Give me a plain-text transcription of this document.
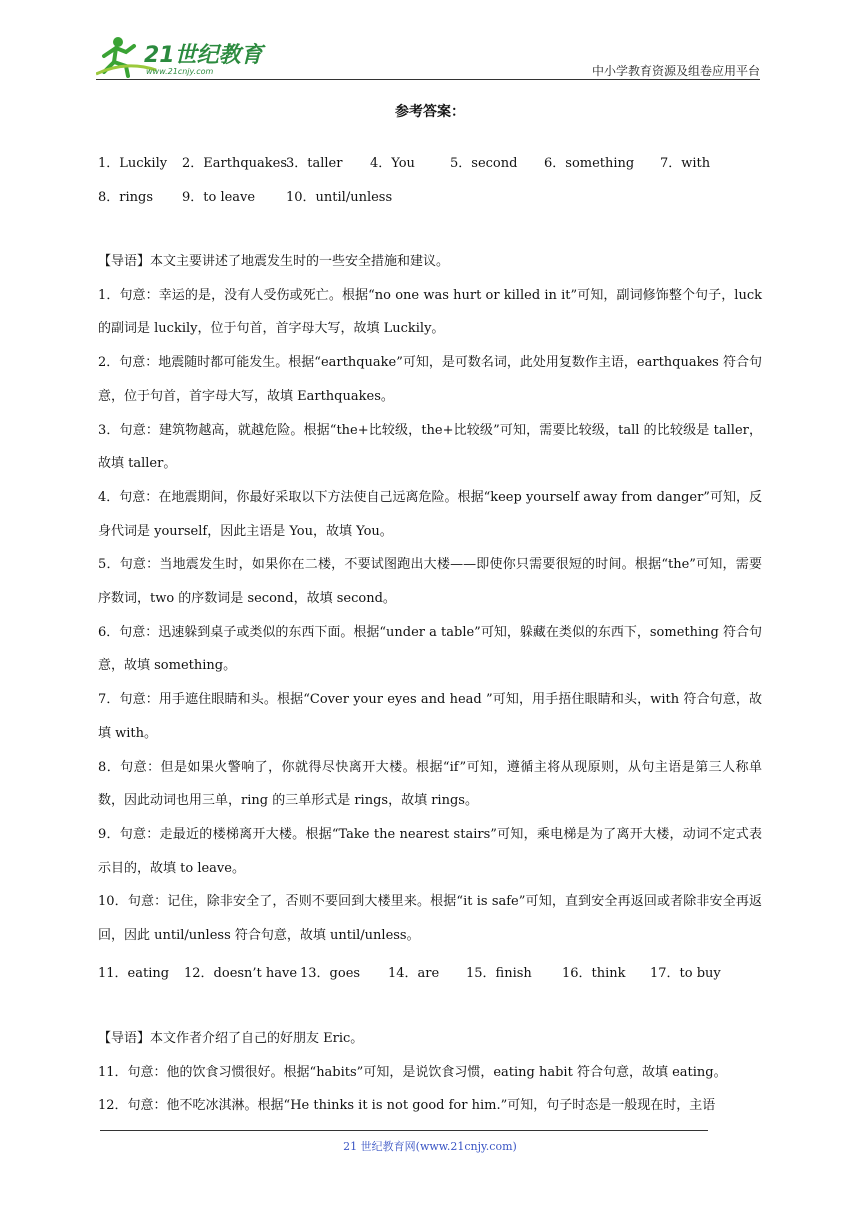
21世纪教育
www.21cnjy.com	中小学教育资源及组卷应用平台
参考答案：
1．Luckily 2．Earthquakes3．taller 4．You	5．second 6．something 7．with
8．rings 9．to leave 10．until/unless

【导语】本文主要讲述了地震发生时的一些安全措施和建议。

1．句意：幸运的是，没有人受伤或死亡。根据“no one was hurt or killed in it”可知，副词修饰整个句子，luck 的副词是 luckily，位于句首，首字母大写，故填 Luckily。

2．句意：地震随时都可能发生。根据“earthquake”可知，是可数名词，此处用复数作主语，earthquakes 符合句意，位于句首，首字母大写，故填 Earthquakes。

3．句意：建筑物越高，就越危险。根据“the+比较级，the+比较级”可知，需要比较级，tall 的比较级是 taller，故填 taller。

4．句意：在地震期间，你最好采取以下方法使自己远离危险。根据“keep yourself away from danger”可知，反身代词是 yourself，因此主语是 You，故填 You。

5．句意：当地震发生时，如果你在二楼，不要试图跑出大楼——即使你只需要很短的时间。根据“the”可知，需要序数词，two 的序数词是 second，故填 second。

6．句意：迅速躲到桌子或类似的东西下面。根据“under a table”可知，躲藏在类似的东西下，something 符合句意，故填 something。

7．句意：用手遮住眼睛和头。根据“Cover your eyes and head ”可知，用手捂住眼睛和头，with 符合句意，故填 with。

8．句意：但是如果火警响了，你就得尽快离开大楼。根据“if”可知，遵循主将从现原则，从句主语是第三人称单数，因此动词也用三单，ring 的三单形式是 rings，故填 rings。

9．句意：走最近的楼梯离开大楼。根据“Take the nearest stairs”可知，乘电梯是为了离开大楼，动词不定式表示目的，故填 to leave。

10．句意：记住，除非安全了，否则不要回到大楼里来。根据“it is safe”可知，直到安全再返回或者除非安全再返回，因此 until/unless 符合句意，故填 until/unless。

11．eating 12．doesn’t have 13．goes 14．are 15．finish 16．think 17．to buy

【导语】本文作者介绍了自己的好朋友 Eric。

11．句意：他的饮食习惯很好。根据“habits”可知，是说饮食习惯，eating habit 符合句意，故填 eating。

12．句意：他不吃冰淇淋。根据“He thinks it is not good for him.”可知，句子时态是一般现在时，主语

21 世纪教育网(www.21cnjy.com)
